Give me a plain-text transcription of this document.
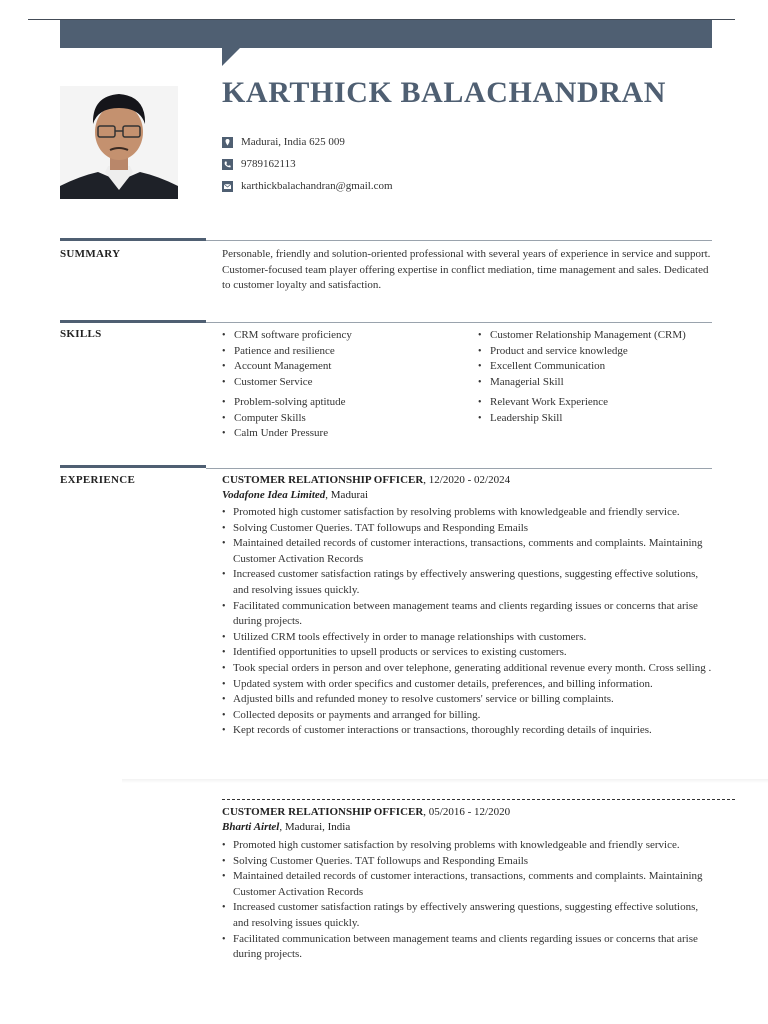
KARTHICK BALACHANDRAN
Madurai, India 625 009
9789162113
karthickbalachandran@gmail.com
SUMMARY	Personable, friendly and solution-oriented professional with several years of experience in service and support. Customer-focused team player offering expertise in conflict mediation, time management and sales. Dedicated to customer loyalty and satisfaction.
SKILLS
•	CRM software proficiency
• Patience and resilience
• Account Management
• Customer Service
• Customer Relationship Management (CRM)
• Product and service knowledge
• Excellent Communication
• Managerial Skill
• Problem-solving aptitude
• Computer Skills
• Calm Under Pressure
• Relevant Work Experience
• Leadership Skill
EXPERIENCE	CUSTOMER RELATIONSHIP OFFICER, 12/2020 - 02/2024
Vodafone Idea Limited, Madurai
• Promoted high customer satisfaction by resolving problems with knowledgeable and friendly service.
• Solving Customer Queries. TAT followups and Responding Emails
• Maintained detailed records of customer interactions, transactions, comments and complaints. Maintaining Customer Activation Records
• Increased customer satisfaction ratings by effectively answering questions, suggesting effective solutions, and resolving issues quickly.
• Facilitated communication between management teams and clients regarding issues or concerns that arise during projects.
• Utilized CRM tools effectively in order to manage relationships with customers.
• Identified opportunities to upsell products or services to existing customers.
• Took special orders in person and over telephone, generating additional revenue every month. Cross selling .
• Updated system with order specifics and customer details, preferences, and billing information.
• Adjusted bills and refunded money to resolve customers' service or billing complaints.
• Collected deposits or payments and arranged for billing.
• Kept records of customer interactions or transactions, thoroughly recording details of inquiries.
CUSTOMER RELATIONSHIP OFFICER, 05/2016 - 12/2020
Bharti Airtel, Madurai, India
• Promoted high customer satisfaction by resolving problems with knowledgeable and friendly service.
• Solving Customer Queries. TAT followups and Responding Emails
• Maintained detailed records of customer interactions, transactions, comments and complaints. Maintaining Customer Activation Records
• Increased customer satisfaction ratings by effectively answering questions, suggesting effective solutions, and resolving issues quickly.
• Facilitated communication between management teams and clients regarding issues or concerns that arise during projects.
